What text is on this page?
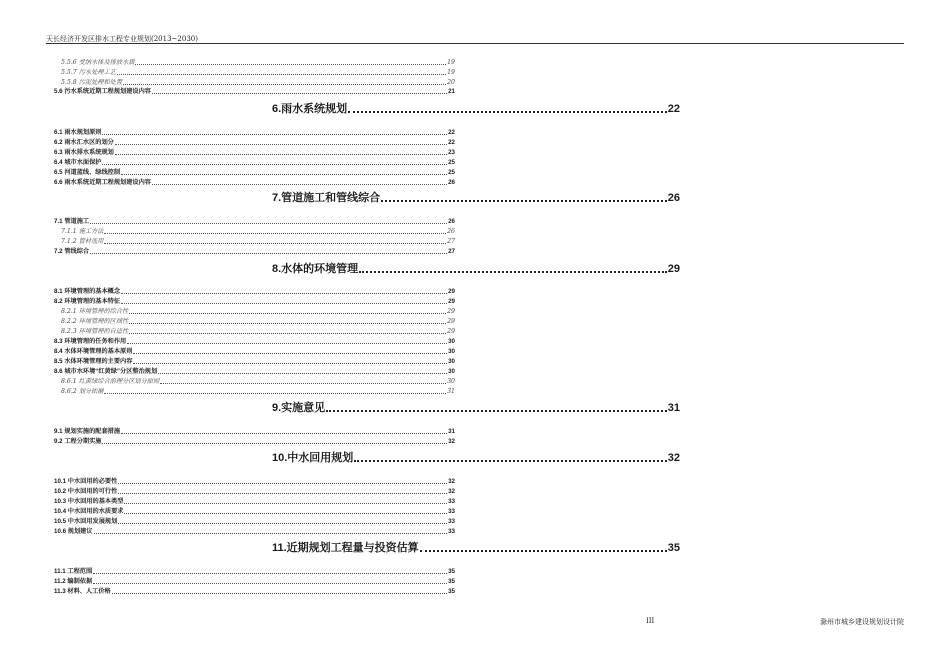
天长经济开发区排水工程专业规划(2013~2030)
5.5.6 受纳水体及排放水质	19
5.5.7 污水处理工艺	19
5.5.8 污泥处理和处置	20
5.6 污水系统近期工程规划建设内容	21
6.雨水系统规划	22
6.1 雨水规划原则	22
6.2 雨水汇水区的划分	22
6.3 雨水排水系统规划	23
6.4 城市水面保护	25
6.5 河道蓝线、绿线控制	25
6.6 雨水系统近期工程规划建设内容	26
7.管道施工和管线综合	26
7.1 管道施工	26
7.1.1 施工方法	26
7.1.2 管材选用	27
7.2 管线综合	27
8.水体的环境管理	29
8.1 环境管理的基本概念	29
8.2 环境管理的基本特征	29
8.2.1 环境管理的综合性	29
8.2.2 环境管理的区域性	29
8.2.3 环境管理的自适性	29
8.3 环境管理的任务和作用	30
8.4 水体环境管理的基本原则	30
8.5 水体环境管理的主要内容	30
8.6 城市水环境“红黄绿”分区整治规划	30
8.6.1 红黄绿综合治理分区划分原则	30
8.6.2 划分依据	31
9.实施意见	31
9.1 规划实施的配套措施	31
9.2 工程分期实施	32
10.中水回用规划	32
10.1 中水回用的必要性	32
10.2 中水回用的可行性	32
10.3 中水回用的基本类型	33
10.4 中水回用的水质要求	33
10.5 中水回用发展规划	33
10.6 规划建议	33
11.近期规划工程量与投资估算	35
11.1 工程范围	35
11.2 编制依据	35
11.3 材料、人工价格	35
III	滁州市城乡建设规划设计院
